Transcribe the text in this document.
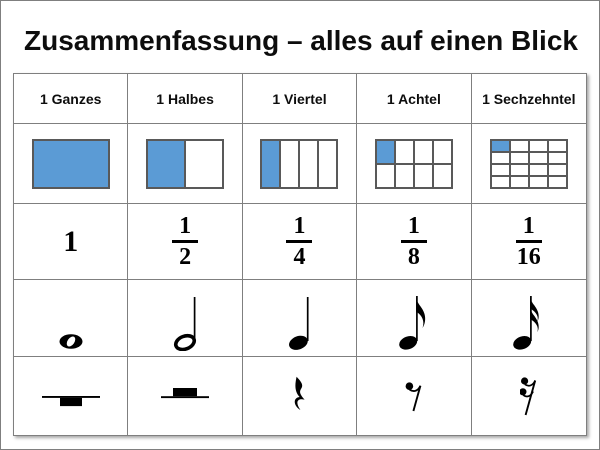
Zusammenfassung – alles auf einen Blick
1 Ganzes	1 Halbes	1 Viertel	1 Achtel	1 Sechzehntel
1	$\frac{1}{2}$	$\frac{1}{4}$	$\frac{1}{8}$	$\frac{1}{16}$
